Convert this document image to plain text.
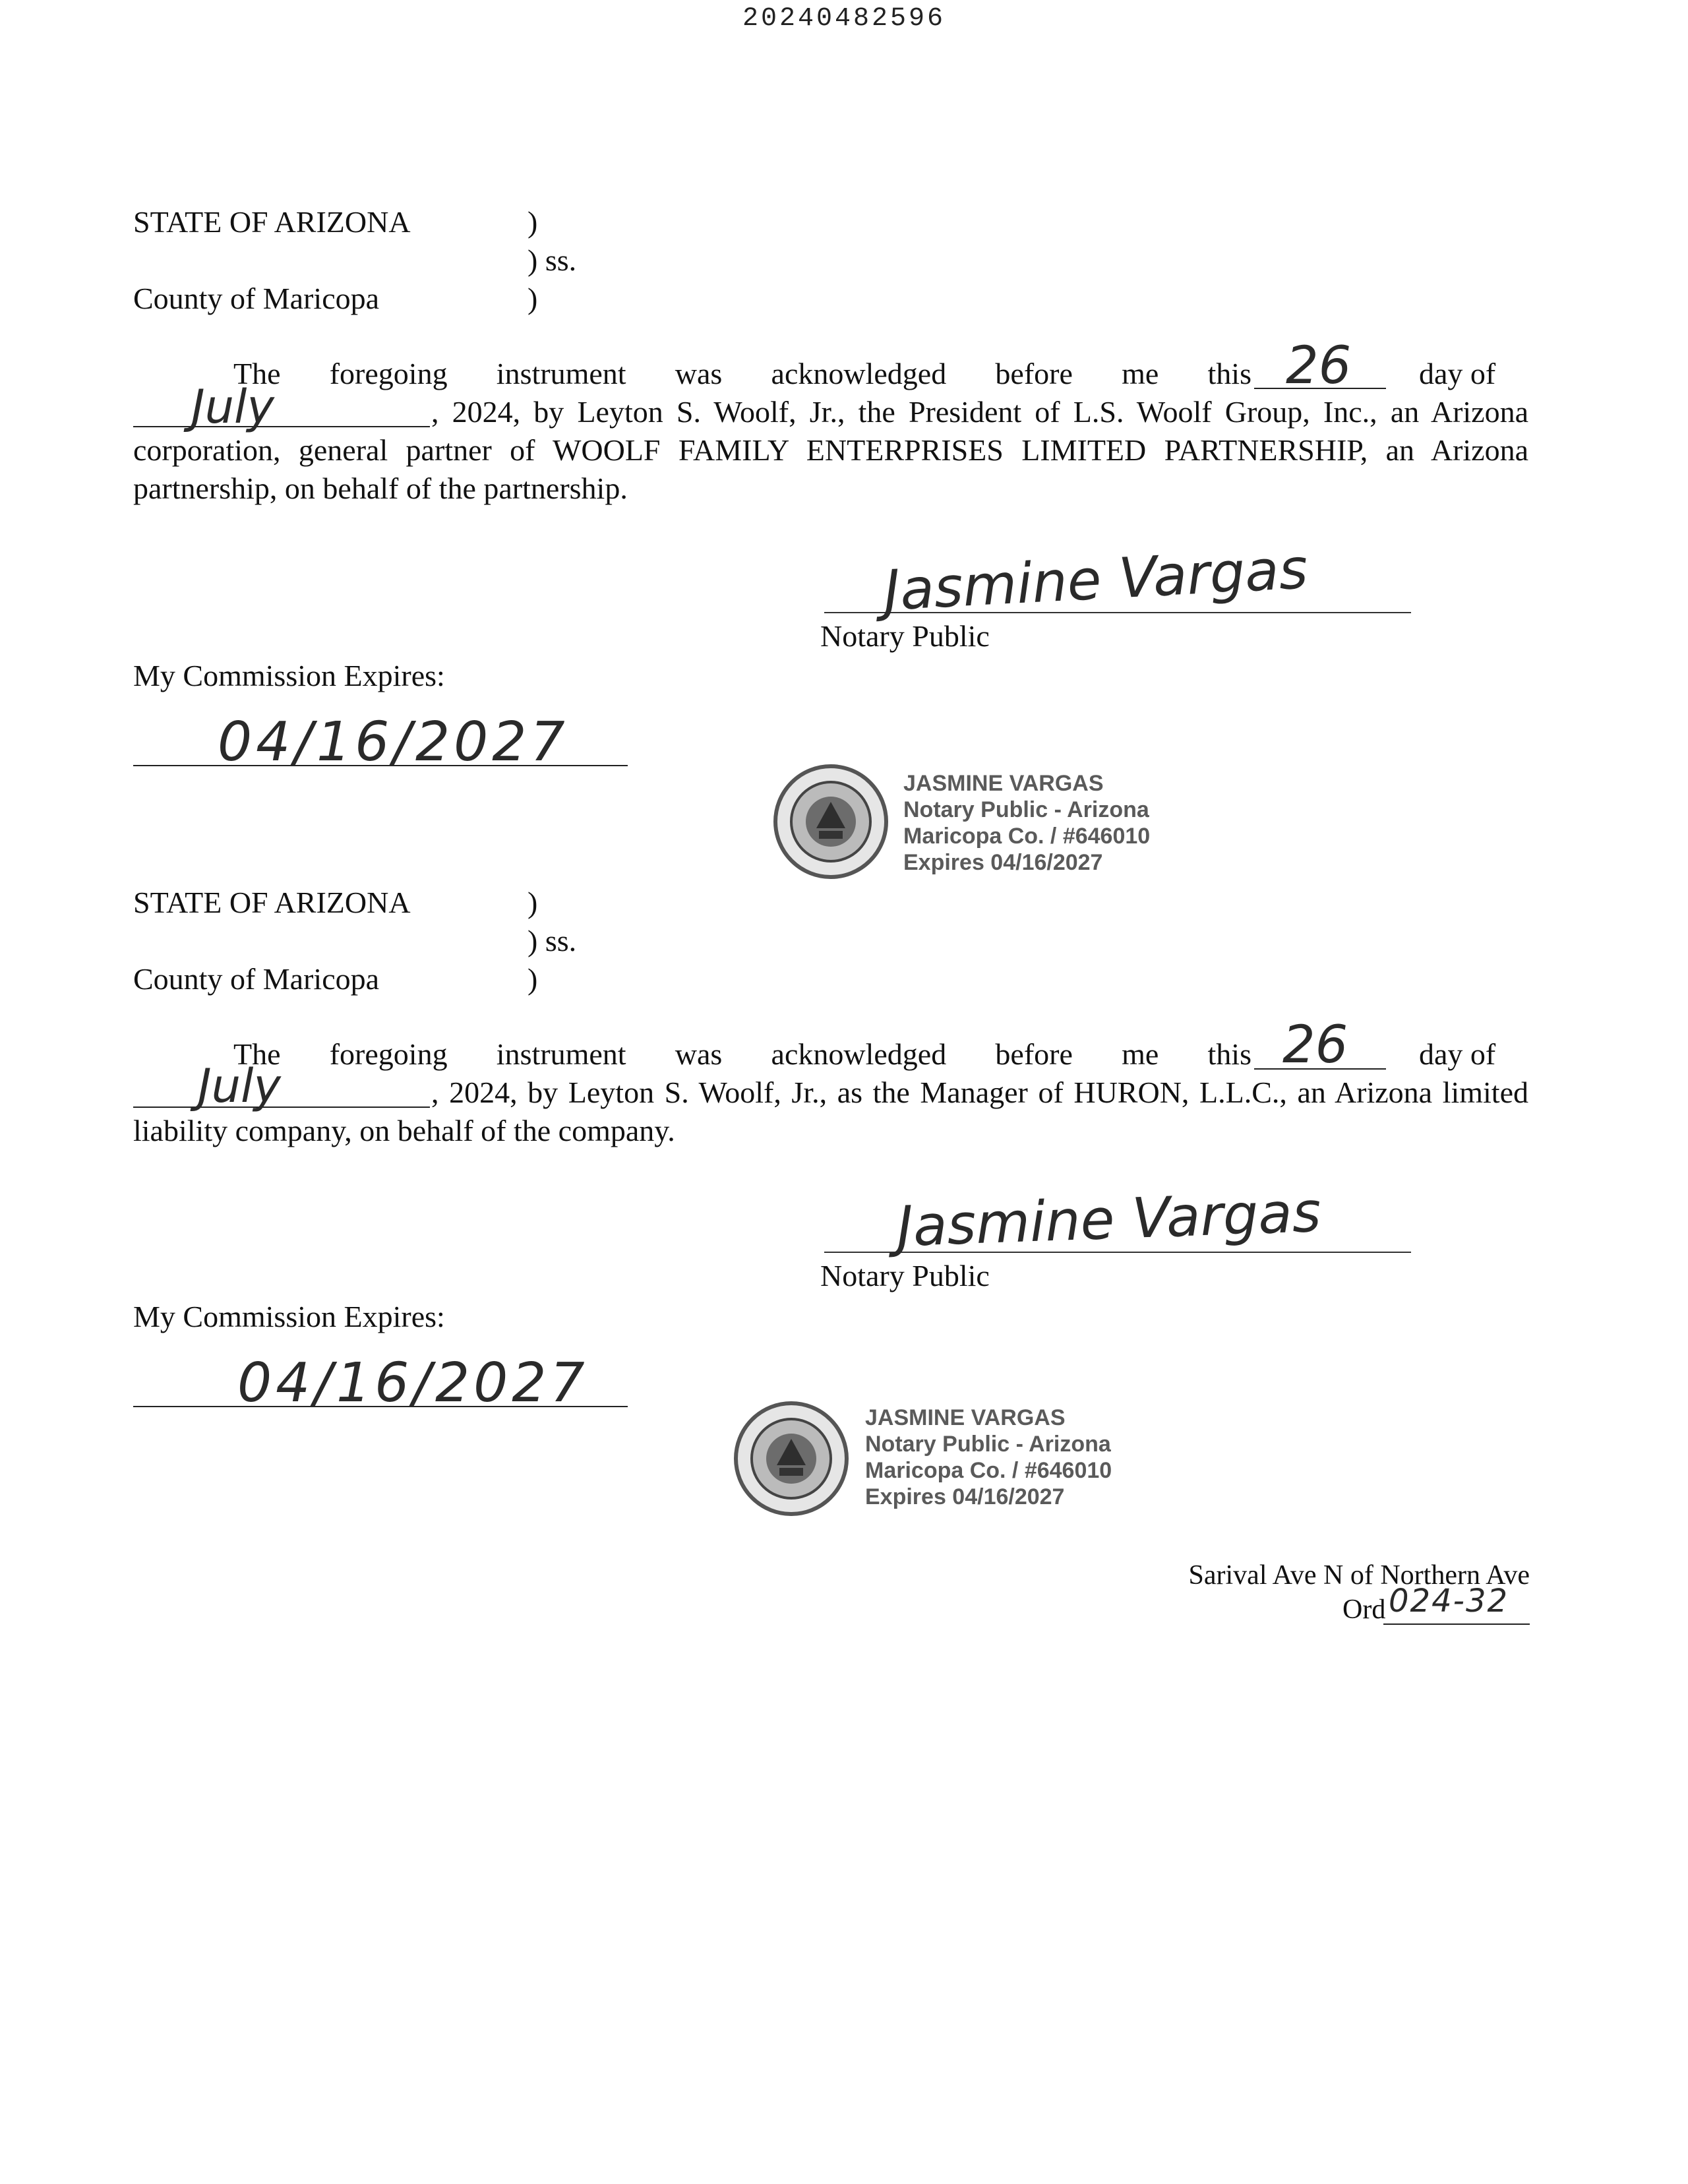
20240482596
STATE OF ARIZONA	)
) ss.
County of Maricopa	)
The foregoing instrument was acknowledged before me this 26 day of
July	, 2024, by Leyton S. Woolf, Jr., the President of L.S. Woolf Group, Inc., an Arizona corporation, general partner of WOOLF FAMILY ENTERPRISES LIMITED PARTNERSHIP, an Arizona partnership, on behalf of the partnership.
Jasmine Vargas
Notary Public
My Commission Expires:
04/16/2027
JASMINE VARGAS
Notary Public - Arizona
Maricopa Co. / #646010
Expires 04/16/2027
STATE OF ARIZONA	)
) ss.
County of Maricopa	)
The foregoing instrument was acknowledged before me this 26 day of
July	, 2024, by Leyton S. Woolf, Jr., as the Manager of HURON, L.L.C., an Arizona limited liability company, on behalf of the company.
Jasmine Vargas
Notary Public
My Commission Expires:
04/16/2027
JASMINE VARGAS
Notary Public - Arizona
Maricopa Co. / #646010
Expires 04/16/2027
Sarival Ave N of Northern Ave
Ord 024-32
